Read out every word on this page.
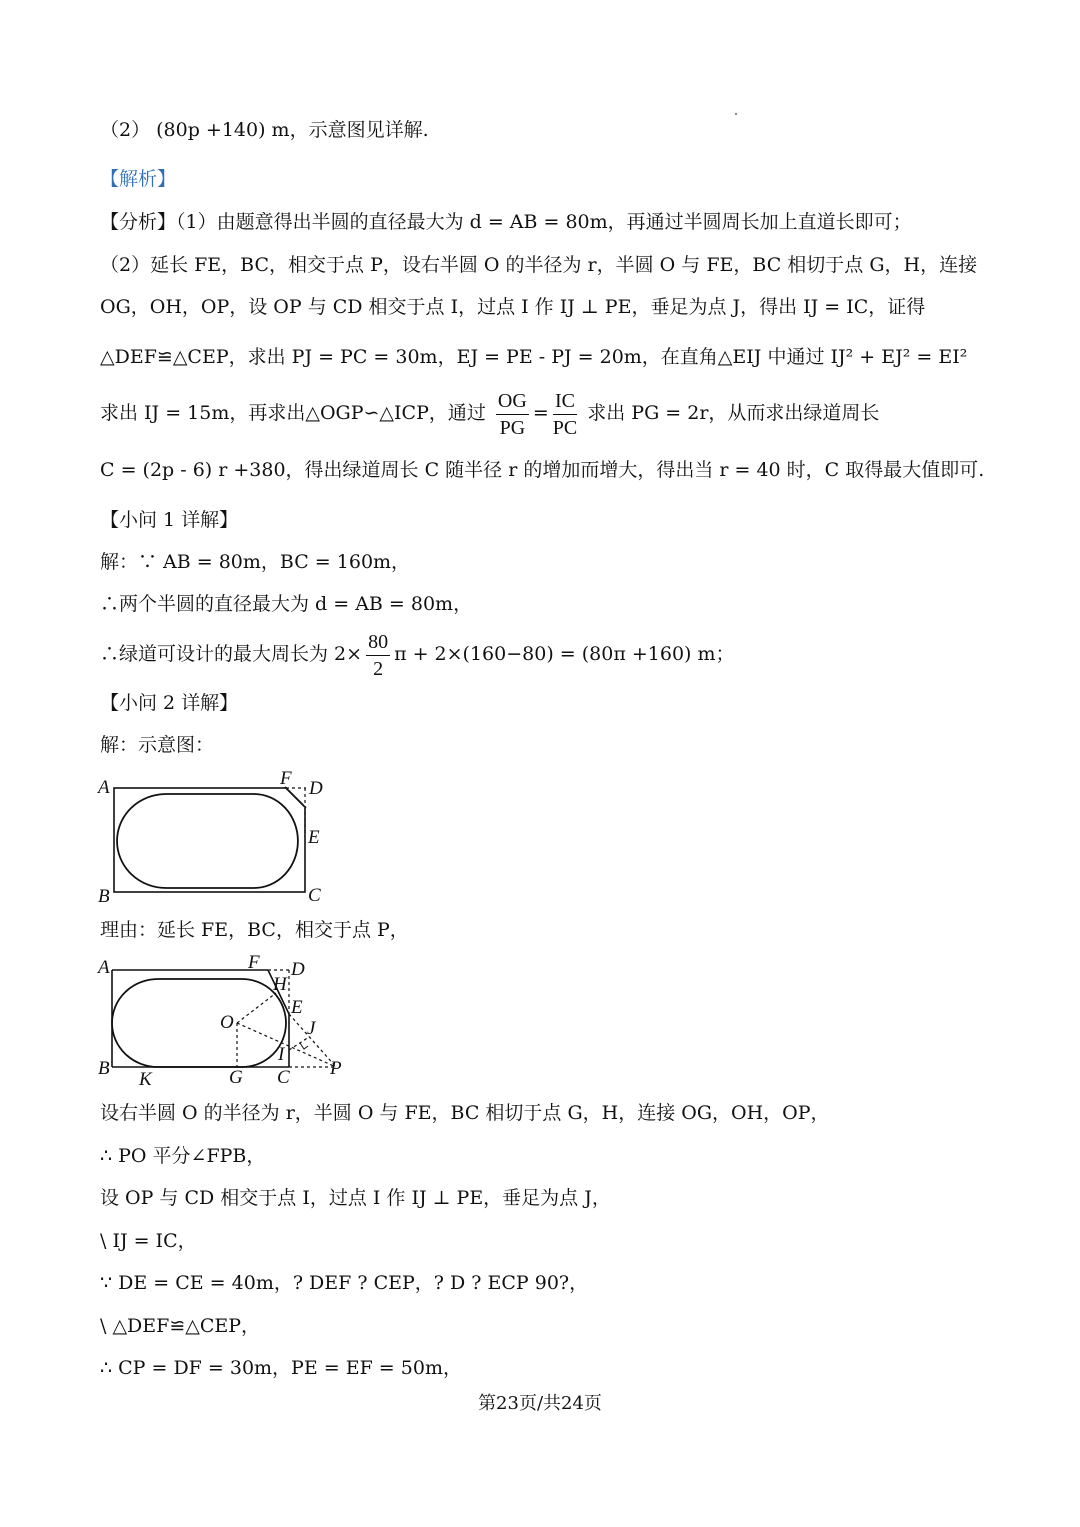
（2） (80p +140) m，示意图见详解.
【解析】
【分析】（1）由题意得出半圆的直径最大为 d = AB = 80m，再通过半圆周长加上直道长即可；
（2）延长 FE，BC，相交于点 P，设右半圆 O 的半径为 r，半圆 O 与 FE，BC 相切于点 G，H，连接
OG，OH，OP，设 OP 与 CD 相交于点 I，过点 I 作 IJ ⊥ PE，垂足为点 J，得出 IJ = IC，证得
△DEF≌△CEP，求出 PJ = PC = 30m，EJ = PE - PJ = 20m，在直角△EIJ 中通过 IJ² + EJ² = EI²
求出 IJ = 15m，再求出△OGP∽△ICP，通过 $\frac{OG}{PG} = \frac{IC}{PC}$ 求出 PG = 2r，从而求出绿道周长
C = (2p - 6) r +380，得出绿道周长 C 随半径 r 的增加而增大，得出当 r = 40 时，C 取得最大值即可.
【小问 1 详解】
解：∵ AB = 80m，BC = 160m，
∴两个半圆的直径最大为 d = AB = 80m，
∴绿道可设计的最大周长为 $2\times \frac{80}{2}$ π + 2×(160−80) = (80π +160) m；
【小问 2 详解】
解：示意图：
A	F D
E
B	C
理由：延长 FE，BC，相交于点 P，
A	F D
H
E
O	J
I
B
K	G C P
设右半圆 O 的半径为 r，半圆 O 与 FE，BC 相切于点 G，H，连接 OG，OH，OP，
∴ PO 平分∠FPB，
设 OP 与 CD 相交于点 I，过点 I 作 IJ ⊥ PE，垂足为点 J，
\ IJ = IC，
∵ DE = CE = 40m，? DEF ? CEP，? D ? ECP 90?，
\ △DEF≌△CEP，
∴ CP = DF = 30m，PE = EF = 50m，
第23页/共24页
